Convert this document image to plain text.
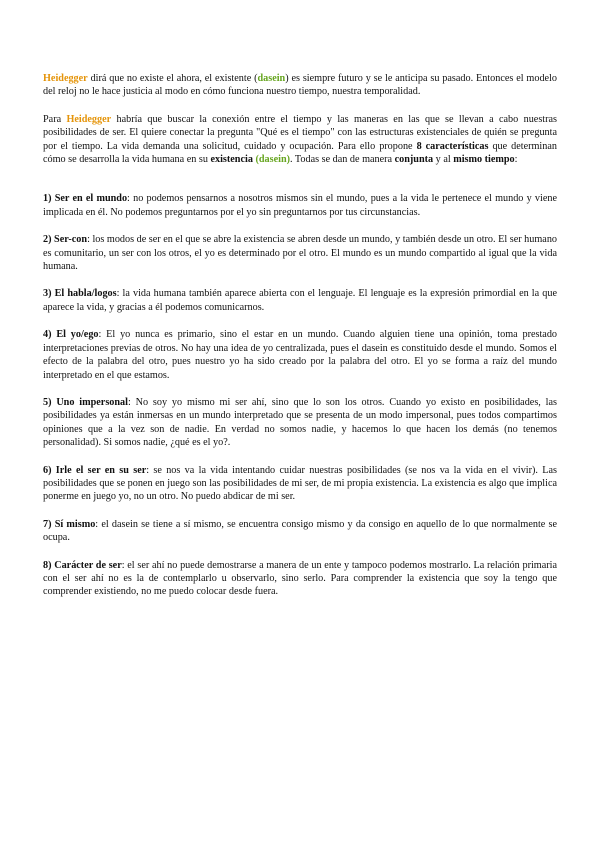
Heidegger dirá que no existe el ahora, el existente (dasein) es siempre futuro y se le anticipa su pasado. Entonces el modelo del reloj no le hace justicia al modo en cómo funciona nuestro tiempo, nuestra temporalidad.

Para Heidegger habría que buscar la conexión entre el tiempo y las maneras en las que se llevan a cabo nuestras posibilidades de ser. El quiere conectar la pregunta "Qué es el tiempo" con las estructuras existenciales de quién se pregunta por el tiempo. La vida demanda una solicitud, cuidado y ocupación. Para ello propone 8 características que determinan cómo se desarrolla la vida humana en su existencia (dasein). Todas se dan de manera conjunta y al mismo tiempo:

1) Ser en el mundo: no podemos pensarnos a nosotros mismos sin el mundo, pues a la vida le pertenece el mundo y viene implicada en él. No podemos preguntarnos por el yo sin preguntarnos por tus circunstancias.

2) Ser-con: los modos de ser en el que se abre la existencia se abren desde un mundo, y también desde un otro. El ser humano es comunitario, un ser con los otros, el yo es determinado por el otro. El mundo es un mundo compartido al igual que la vida humana.

3) El habla/logos: la vida humana también aparece abierta con el lenguaje. El lenguaje es la expresión primordial en la que aparece la vida, y gracias a él podemos comunicarnos.

4) El yo/ego: El yo nunca es primario, sino el estar en un mundo. Cuando alguien tiene una opinión, toma prestado interpretaciones previas de otros. No hay una idea de yo centralizada, pues el dasein es constituido desde el mundo. Somos el efecto de la palabra del otro, pues nuestro yo ha sido creado por la palabra del otro. El yo se forma a raíz del mundo interpretado en el que estamos.

5) Uno impersonal: No soy yo mismo mi ser ahí, sino que lo son los otros. Cuando yo existo en posibilidades, las posibilidades ya están inmersas en un mundo interpretado que se presenta de un modo impersonal, pues todos compartimos opiniones que a la vez son de nadie. En verdad no somos nadie, y hacemos lo que hacen los demás (no tenemos personalidad). Si somos nadie, ¿qué es el yo?.

6) Irle el ser en su ser: se nos va la vida intentando cuidar nuestras posibilidades (se nos va la vida en el vivir). Las posibilidades que se ponen en juego son las posibilidades de mi ser, de mi propia existencia. La existencia es algo que implica ponerme en juego yo, no un otro. No puedo abdicar de mi ser.

7) Sí mismo: el dasein se tiene a sí mismo, se encuentra consigo mismo y da consigo en aquello de lo que normalmente se ocupa.

8) Carácter de ser: el ser ahí no puede demostrarse a manera de un ente y tampoco podemos mostrarlo. La relación primaria con el ser ahí no es la de contemplarlo u observarlo, sino serlo. Para comprender la existencia que soy la tengo que comprender existiendo, no me puedo colocar desde fuera.
